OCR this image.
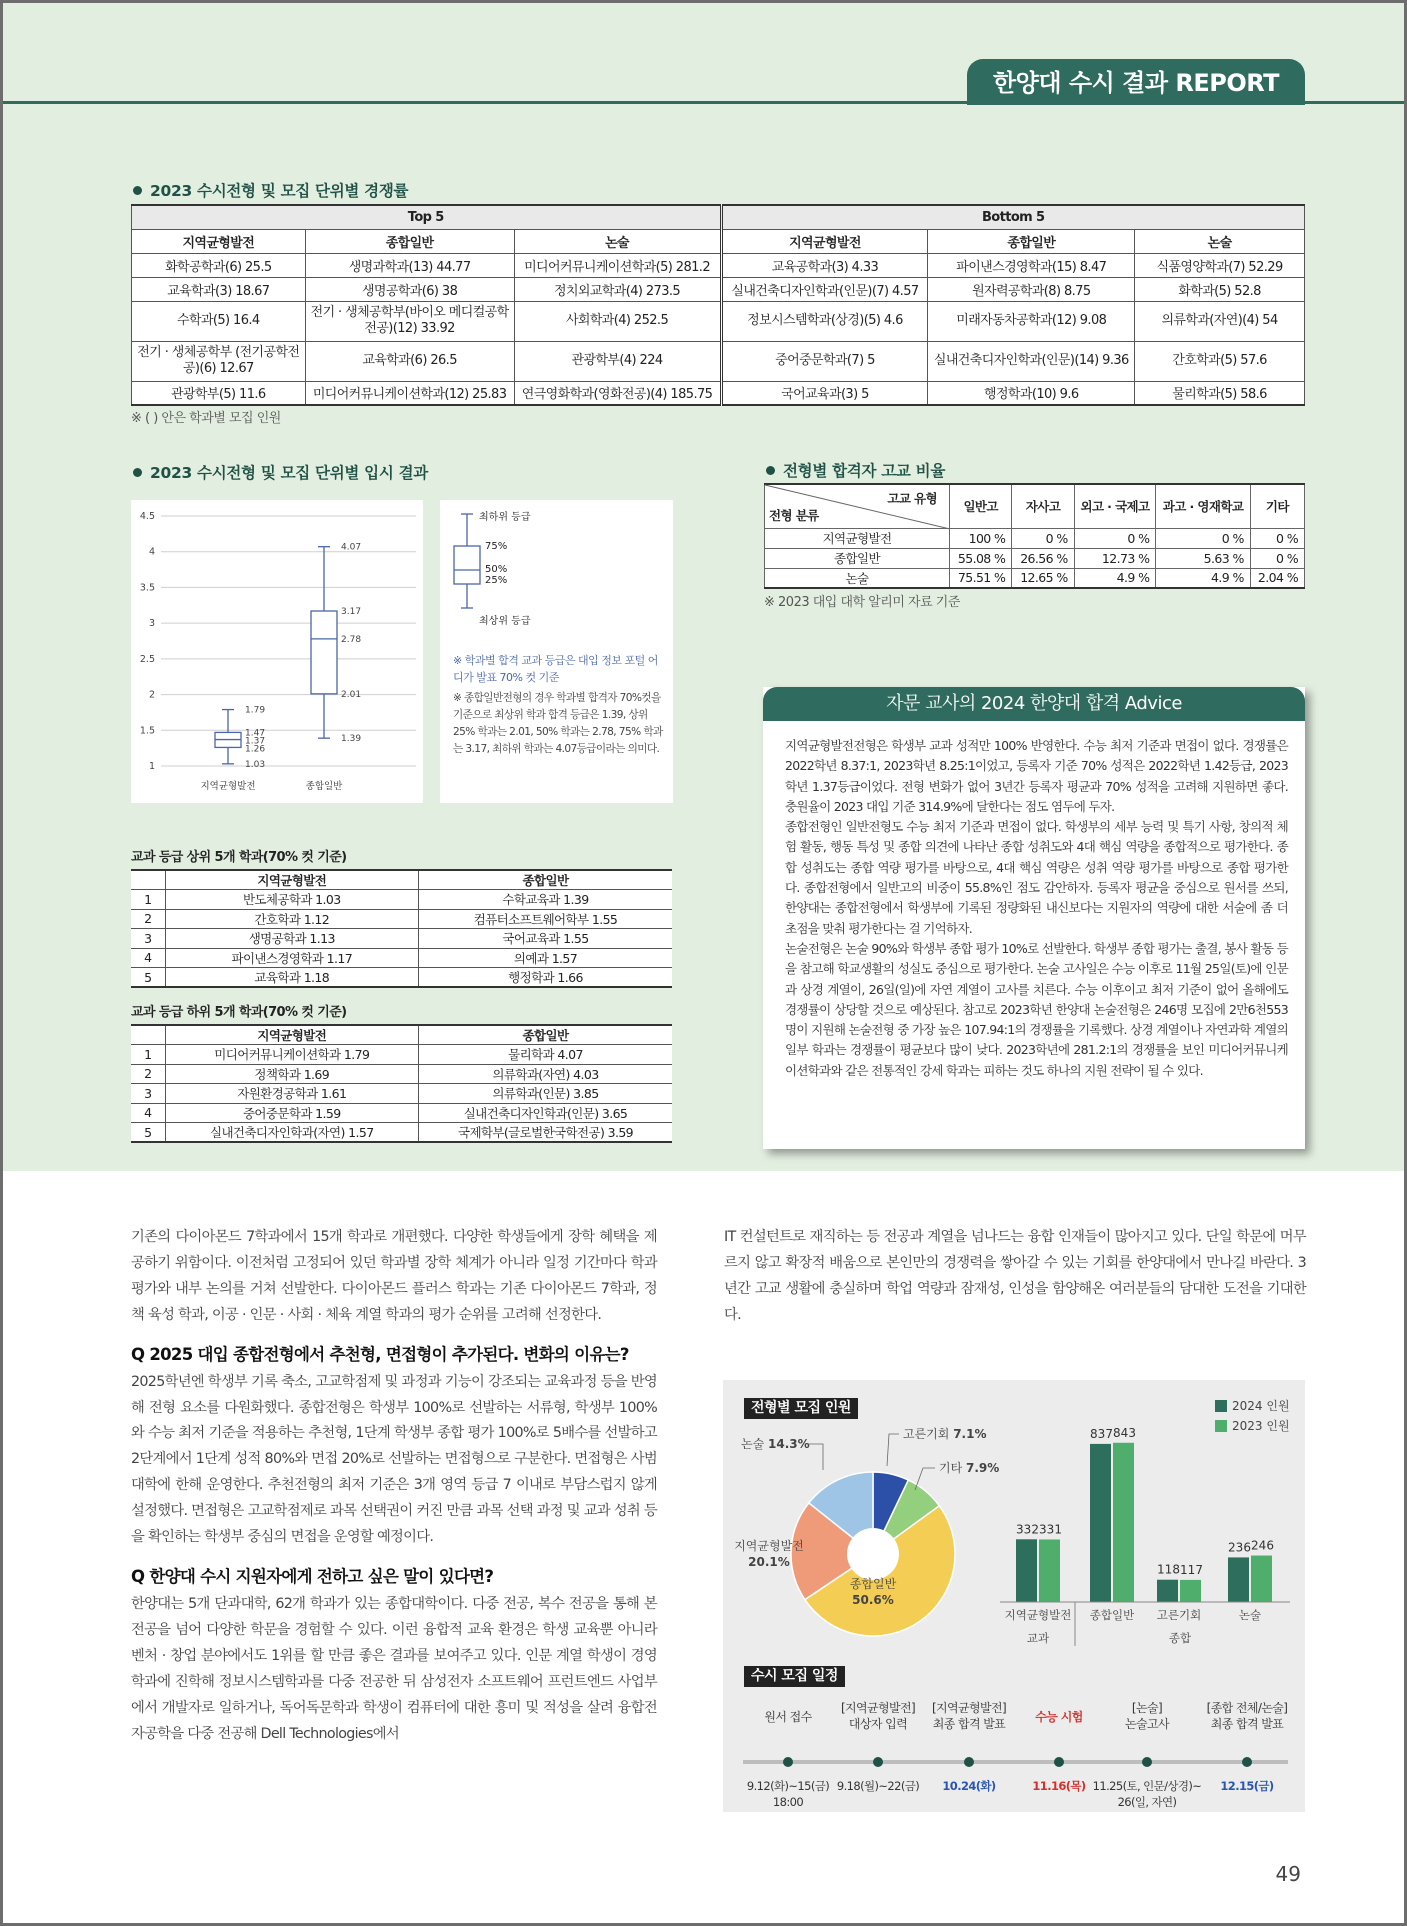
한양대 수시 결과 REPORT
2023 수시전형 및 모집 단위별 경쟁률
Top 5			Bottom 5		
지역균형발전	종합일반	논술	지역균형발전	종합일반	논술
화학공학과(6) 25.5	생명과학과(13) 44.77	미디어커뮤니케이션학과(5) 281.2	교육공학과(3) 4.33	파이낸스경영학과(15) 8.47	식품영양학과(7) 52.29
교육학과(3) 18.67	생명공학과(6) 38	정치외교학과(4) 273.5	실내건축디자인학과(인문)(7) 4.57	원자력공학과(8) 8.75	화학과(5) 52.8
수학과(5) 16.4	전기 · 생체공학부(바이오 메디컬공학전공)(12) 33.92	사회학과(4) 252.5	정보시스템학과(상경)(5) 4.6	미래자동차공학과(12) 9.08	의류학과(자연)(4) 54
전기 · 생체공학부 (전기공학전공)(6) 12.67	교육학과(6) 26.5	관광학부(4) 224	중어중문학과(7) 5	실내건축디자인학과(인문)(14) 9.36	간호학과(5) 57.6
관광학부(5) 11.6	미디어커뮤니케이션학과(12) 25.83	연극영화학과(영화전공)(4) 185.75	국어교육과(3) 5	행정학과(10) 9.6	물리학과(5) 58.6
※ ( ) 안은 학과별 모집 인원
2023 수시전형 및 모집 단위별 입시 결과
1
1.5
2
2.5
3
3.5
4
4.5
1.79
1.47
1.37
1.26
1.03
지역균형발전
4.07
3.17
2.78
2.01
1.39
종합일반
최하위 등급
75%
50%
25%
최상위 등급
※ 학과별 합격 교과 등급은 대입 정보 포털 어디가 발표 70% 컷 기준
※ 종합일반전형의 경우 학과별 합격자 70%컷을 기준으로 최상위 학과 합격 등급은 1.39, 상위 25% 학과는 2.01, 50% 학과는 2.78, 75% 학과는 3.17, 최하위 학과는 4.07등급이라는 의미다.
전형별 합격자 고교 비율
고교 유형
전형 분류	일반고	자사고	외고 · 국제고	과고 · 영재학교	기타
지역균형발전	100 %	0 %	0 %	0 %	0 %
종합일반	55.08 %	26.56 %	12.73 %	5.63 %	0 %
논술	75.51 %	12.65 %	4.9 %	4.9 %	2.04 %
※ 2023 대입 대학 알리미 자료 기준
교과 등급 상위 5개 학과(70% 컷 기준)
	지역균형발전	종합일반
1	반도체공학과 1.03	수학교육과 1.39
2	간호학과 1.12	컴퓨터소프트웨어학부 1.55
3	생명공학과 1.13	국어교육과 1.55
4	파이낸스경영학과 1.17	의예과 1.57
5	교육학과 1.18	행정학과 1.66
교과 등급 하위 5개 학과(70% 컷 기준)
	지역균형발전	종합일반
1	미디어커뮤니케이션학과 1.79	물리학과 4.07
2	정책학과 1.69	의류학과(자연) 4.03
3	자원환경공학과 1.61	의류학과(인문) 3.85
4	중어중문학과 1.59	실내건축디자인학과(인문) 3.65
5	실내건축디자인학과(자연) 1.57	국제학부(글로벌한국학전공) 3.59
자문 교사의 2024 한양대 합격 Advice

지역균형발전전형은 학생부 교과 성적만 100% 반영한다. 수능 최저 기준과 면접이 없다. 경쟁률은 2022학년 8.37:1, 2023학년 8.25:1이었고, 등록자 기준 70% 성적은 2022학년 1.42등급, 2023학년 1.37등급이었다. 전형 변화가 없어 3년간 등록자 평균과 70% 성적을 고려해 지원하면 좋다. 충원율이 2023 대입 기준 314.9%에 달한다는 점도 염두에 두자.

종합전형인 일반전형도 수능 최저 기준과 면접이 없다. 학생부의 세부 능력 및 특기 사항, 창의적 체험 활동, 행동 특성 및 종합 의견에 나타난 종합 성취도와 4대 핵심 역량을 종합적으로 평가한다. 종합 성취도는 종합 역량 평가를 바탕으로, 4대 핵심 역량은 성취 역량 평가를 바탕으로 종합 평가한다. 종합전형에서 일반고의 비중이 55.8%인 점도 감안하자. 등록자 평균을 중심으로 원서를 쓰되, 한양대는 종합전형에서 학생부에 기록된 정량화된 내신보다는 지원자의 역량에 대한 서술에 좀 더 초점을 맞춰 평가한다는 걸 기억하자.

논술전형은 논술 90%와 학생부 종합 평가 10%로 선발한다. 학생부 종합 평가는 출결, 봉사 활동 등을 참고해 학교생활의 성실도 중심으로 평가한다. 논술 고사일은 수능 이후로 11월 25일(토)에 인문과 상경 계열이, 26일(일)에 자연 계열이 고사를 치른다. 수능 이후이고 최저 기준이 없어 올해에도 경쟁률이 상당할 것으로 예상된다. 참고로 2023학년 한양대 논술전형은 246명 모집에 2만6천553명이 지원해 논술전형 중 가장 높은 107.94:1의 경쟁률을 기록했다. 상경 계열이나 자연과학 계열의 일부 학과는 경쟁률이 평균보다 많이 낮다. 2023학년에 281.2:1의 경쟁률을 보인 미디어커뮤니케이션학과와 같은 전통적인 강세 학과는 피하는 것도 하나의 지원 전략이 될 수 있다.

기존의 다이아몬드 7학과에서 15개 학과로 개편했다. 다양한 학생들에게 장학 혜택을 제공하기 위함이다. 이전처럼 고정되어 있던 학과별 장학 체계가 아니라 일정 기간마다 학과 평가와 내부 논의를 거쳐 선발한다. 다이아몬드 플러스 학과는 기존 다이아몬드 7학과, 정책 육성 학과, 이공 · 인문 · 사회 · 체육 계열 학과의 평가 순위를 고려해 선정한다.

Q 2025 대입 종합전형에서 추천형, 면접형이 추가된다. 변화의 이유는?

2025학년엔 학생부 기록 축소, 고교학점제 및 과정과 기능이 강조되는 교육과정 등을 반영해 전형 요소를 다원화했다. 종합전형은 학생부 100%로 선발하는 서류형, 학생부 100%와 수능 최저 기준을 적용하는 추천형, 1단계 학생부 종합 평가 100%로 5배수를 선발하고 2단계에서 1단계 성적 80%와 면접 20%로 선발하는 면접형으로 구분한다. 면접형은 사범대학에 한해 운영한다. 추천전형의 최저 기준은 3개 영역 등급 7 이내로 부담스럽지 않게 설정했다. 면접형은 고교학점제로 과목 선택권이 커진 만큼 과목 선택 과정 및 교과 성취 등을 확인하는 학생부 중심의 면접을 운영할 예정이다.

Q 한양대 수시 지원자에게 전하고 싶은 말이 있다면?

한양대는 5개 단과대학, 62개 학과가 있는 종합대학이다. 다중 전공, 복수 전공을 통해 본 전공을 넘어 다양한 학문을 경험할 수 있다. 이런 융합적 교육 환경은 학생 교육뿐 아니라 벤처 · 창업 분야에서도 1위를 할 만큼 좋은 결과를 보여주고 있다. 인문 계열 학생이 경영학과에 진학해 정보시스템학과를 다중 전공한 뒤 삼성전자 소프트웨어 프런트엔드 사업부에서 개발자로 일하거나, 독어독문학과 학생이 컴퓨터에 대한 흥미 및 적성을 살려 융합전자공학을 다중 전공해 Dell Technologies에서

IT 컨설턴트로 재직하는 등 전공과 계열을 넘나드는 융합 인재들이 많아지고 있다. 단일 학문에 머무르지 않고 확장적 배움으로 본인만의 경쟁력을 쌓아갈 수 있는 기회를 한양대에서 만나길 바란다. 3년간 고교 생활에 충실하며 학업 역량과 잠재성, 인성을 함양해온 여러분들의 담대한 도전을 기대한다.

전형별 모집 인원
종합일반
50.6%
지역균형발전
20.1%
논술 14.3%
고른기회 7.1%
기타 7.9%
2024 인원
2023 인원
332 331
지역균형발전
837 843
종합일반
118 117
고른기회
236 246
논술
교과	종합
수시 모집 일정
원서 접수
9.12(화)~15(금)
18:00
[지역균형발전]
대상자 입력
9.18(월)~22(금)
[지역균형발전]
최종 합격 발표
10.24(화)
수능 시험
11.16(목)
[논술]
논술고사
11.25(토, 인문/상경)~
26(일, 자연)
[종합 전체/논술]
최종 합격 발표
12.15(금)
49
